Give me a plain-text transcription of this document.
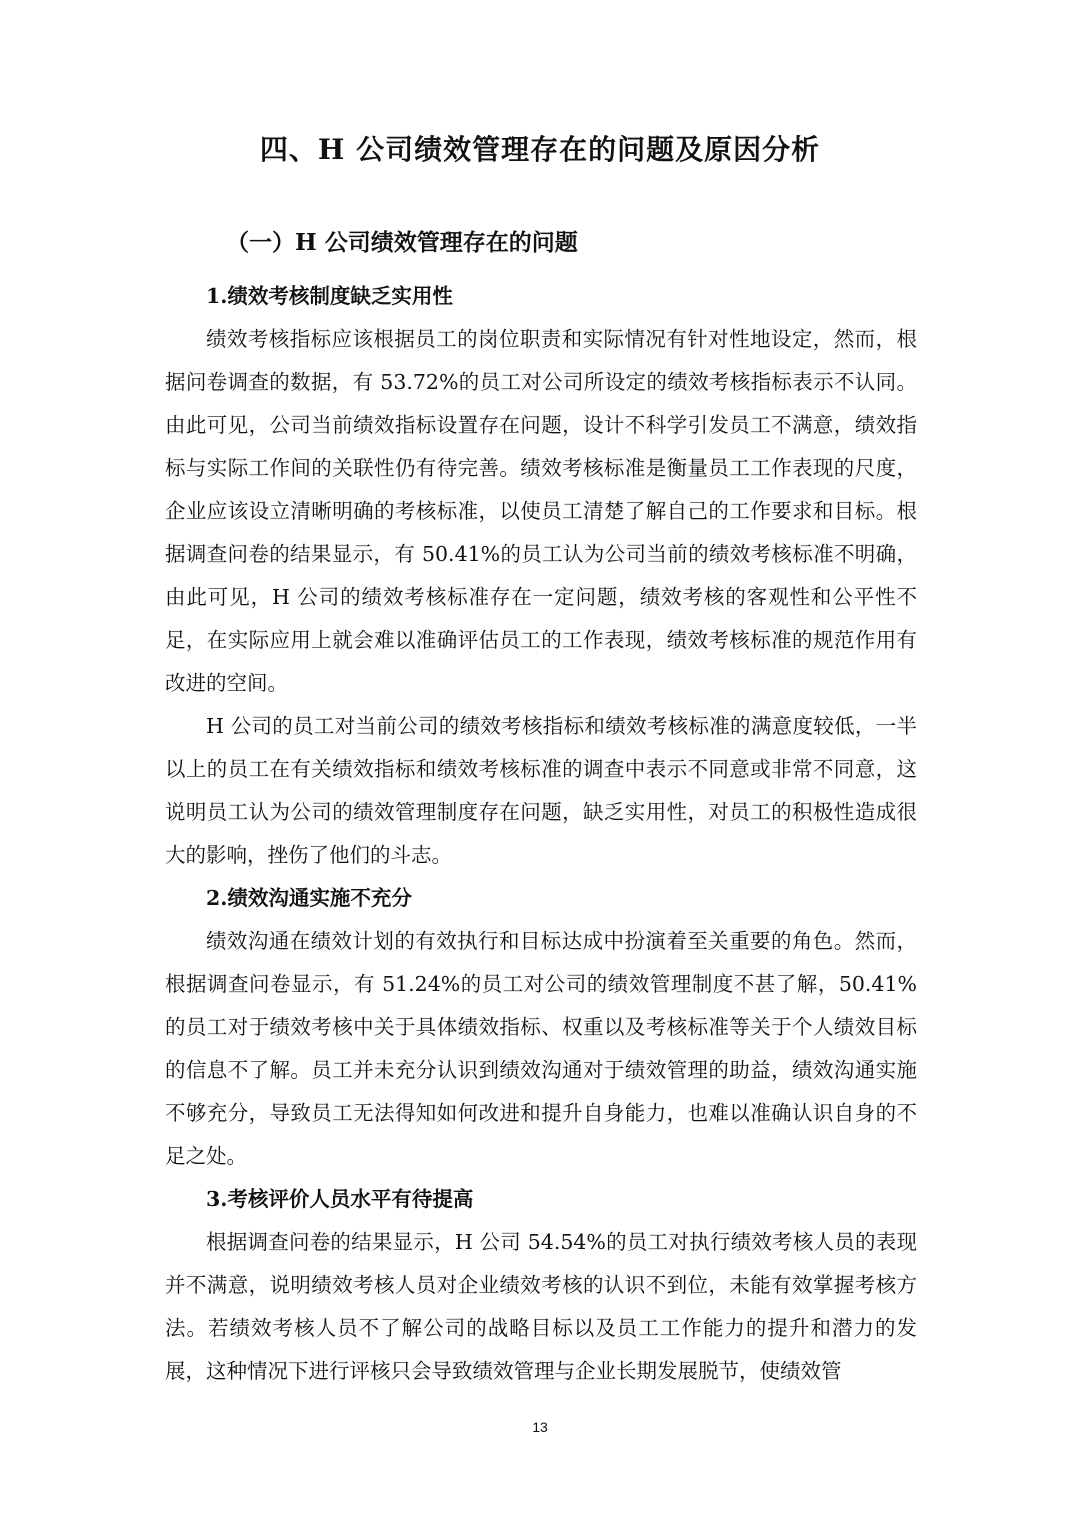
四、H 公司绩效管理存在的问题及原因分析
（一）H 公司绩效管理存在的问题

1.绩效考核制度缺乏实用性

绩效考核指标应该根据员工的岗位职责和实际情况有针对性地设定，然而，根据问卷调查的数据，有 53.72%的员工对公司所设定的绩效考核指标表示不认同。由此可见，公司当前绩效指标设置存在问题，设计不科学引发员工不满意，绩效指标与实际工作间的关联性仍有待完善。绩效考核标准是衡量员工工作表现的尺度，企业应该设立清晰明确的考核标准，以使员工清楚了解自己的工作要求和目标。根据调查问卷的结果显示，有 50.41%的员工认为公司当前的绩效考核标准不明确，由此可见，H 公司的绩效考核标准存在一定问题，绩效考核的客观性和公平性不足，在实际应用上就会难以准确评估员工的工作表现，绩效考核标准的规范作用有改进的空间。

H 公司的员工对当前公司的绩效考核指标和绩效考核标准的满意度较低，一半以上的员工在有关绩效指标和绩效考核标准的调查中表示不同意或非常不同意，这说明员工认为公司的绩效管理制度存在问题，缺乏实用性，对员工的积极性造成很大的影响，挫伤了他们的斗志。

2.绩效沟通实施不充分

绩效沟通在绩效计划的有效执行和目标达成中扮演着至关重要的角色。然而，根据调查问卷显示，有 51.24%的员工对公司的绩效管理制度不甚了解，50.41%的员工对于绩效考核中关于具体绩效指标、权重以及考核标准等关于个人绩效目标的信息不了解。员工并未充分认识到绩效沟通对于绩效管理的助益，绩效沟通实施不够充分，导致员工无法得知如何改进和提升自身能力，也难以准确认识自身的不足之处。

3.考核评价人员水平有待提高

根据调查问卷的结果显示，H 公司 54.54%的员工对执行绩效考核人员的表现并不满意，说明绩效考核人员对企业绩效考核的认识不到位，未能有效掌握考核方法。若绩效考核人员不了解公司的战略目标以及员工工作能力的提升和潜力的发展，这种情况下进行评核只会导致绩效管理与企业长期发展脱节，使绩效管

13
